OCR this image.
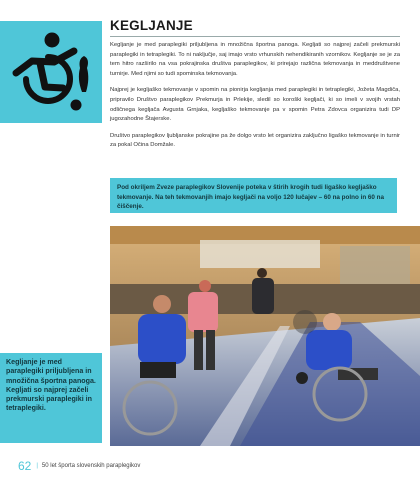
KEGLJANJE

Kegljanje je med paraplegiki priljubljena in množična športna panoga. Kegljati so najprej začeli prekmurski paraplegiki in tetraplegiki. To ni naključje, saj imajo vrsto vrhunskih nehendikiranih vzornikov. Kegljanje se je za tem hitro razširilo na vsa pokrajinska društva paraplegikov, ki prirejajo različna tekmovanja in meddruštvene turnirje. Med njimi so tudi spominska tekmovanja.

Najprej je kegljaško tekmovanje v spomin na pionirja kegljanja med paraplegiki in tetraplegiki, Jožeta Magdiča, pripravilo Društvo paraplegikov Prekmurja in Prlekije, sledil so koroški kegljači, ki so imeli v svojih vrstah odličnega kegljača Avgusta Grnjaka, kegljaško tekmovanje pa v spomin Petra Zdovca organizira tudi DP jugozahodne Štajerske.

Društvo paraplegikov ljubljanske pokrajine pa že dolgo vrsto let organizira zaključno ligaško tekmovanje in turnir za pokal Očina Domžale.

Pod okriljem Zveze paraplegikov Slovenije poteka v štirih krogih tudi ligaško kegljaško tekmovanje. Na teh tekmovanjih imajo kegljači na voljo 120 lučajev – 60 na polno in 60 na čiščenje.
Kegljanje je med paraplegiki priljubljena in množična športna panoga. Kegljati so najprej začeli prekmurski paraplegiki in tetraplegiki.
62 | 50 let športa slovenskih paraplegikov
